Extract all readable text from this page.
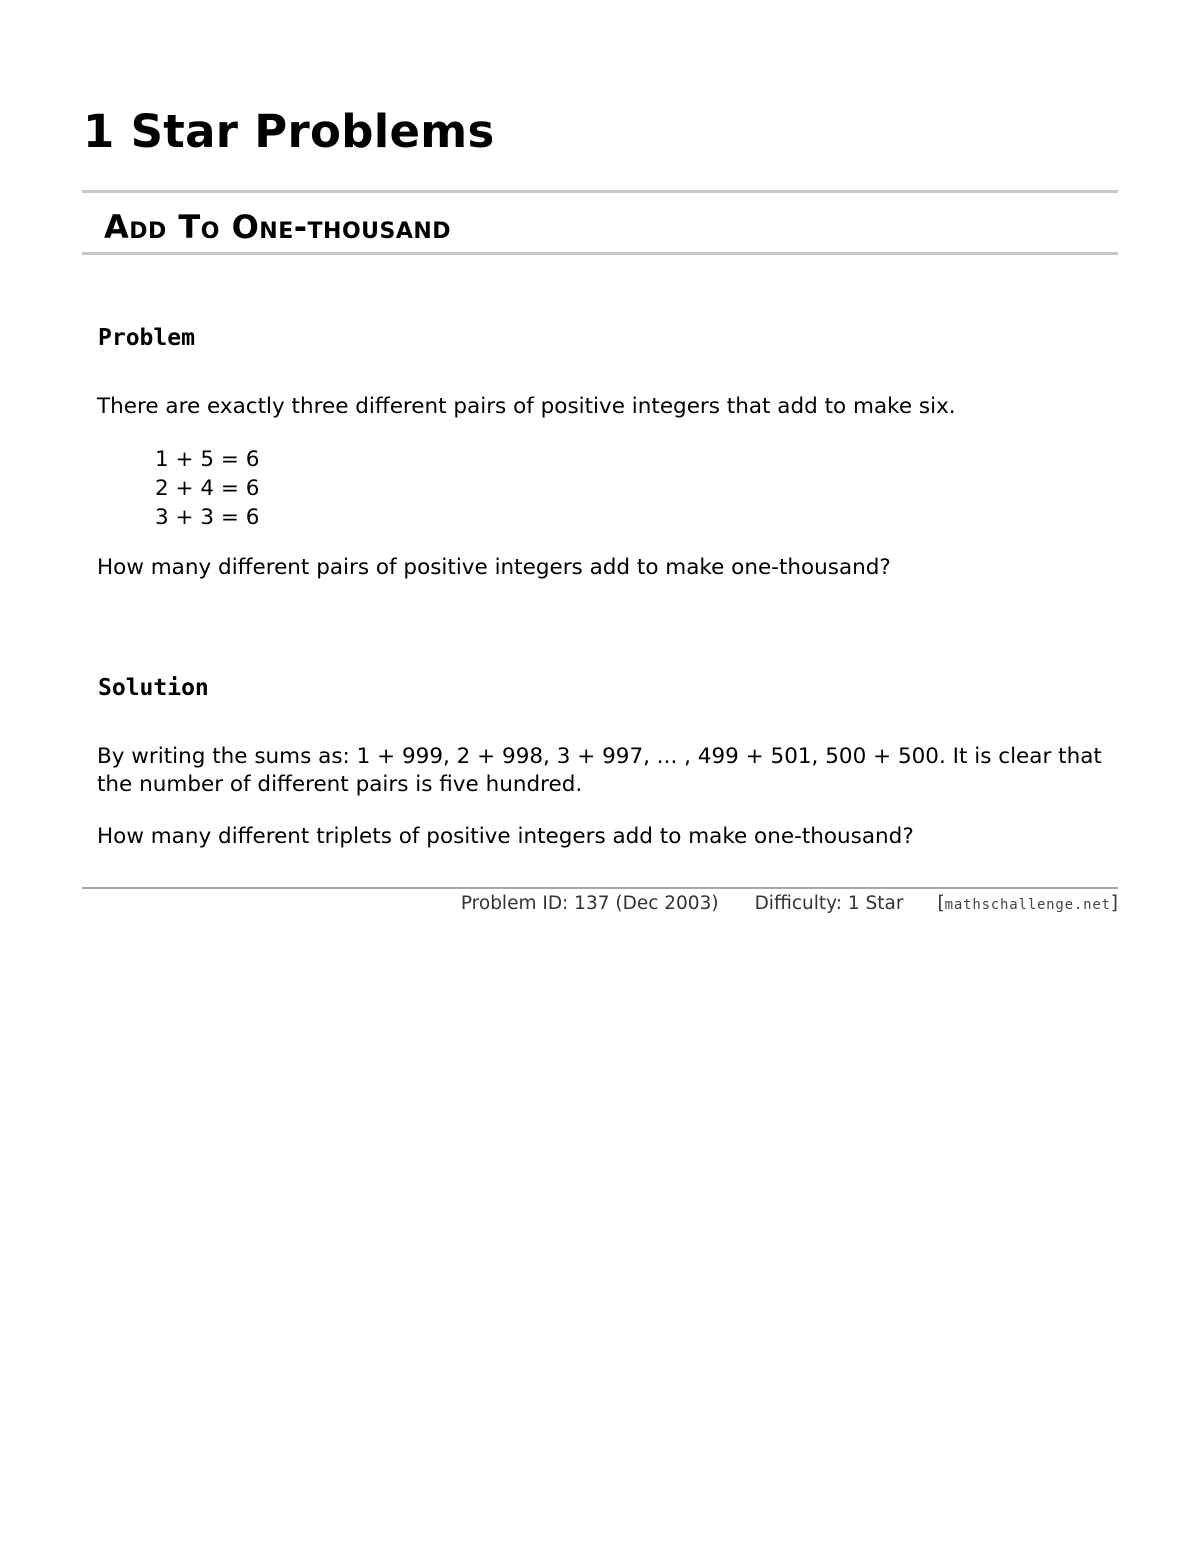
1 Star Problems
Add To One-thousand
Problem

There are exactly three different pairs of positive integers that add to make six.

1 + 5 = 6
2 + 4 = 6
3 + 3 = 6

How many different pairs of positive integers add to make one-thousand?

Solution

By writing the sums as: 1 + 999, 2 + 998, 3 + 997, ... , 499 + 501, 500 + 500. It is clear that the number of different pairs is five hundred.

How many different triplets of positive integers add to make one-thousand?

Problem ID: 137 (Dec 2003) Difficulty: 1 Star [mathschallenge.net]
